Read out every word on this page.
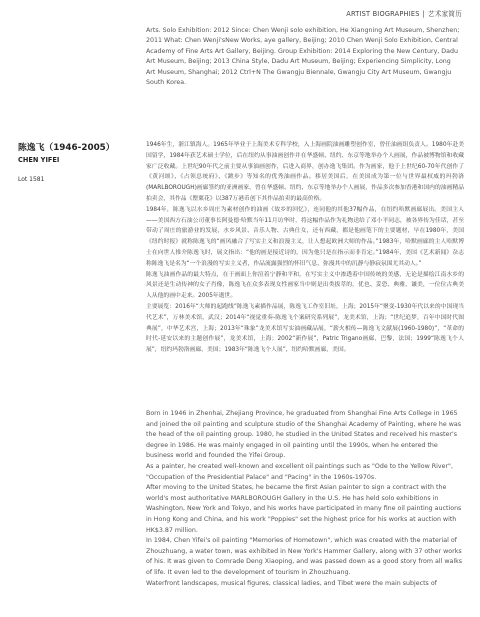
ARTIST BIOGRAPHIES | 艺术家简历
Arts. Solo Exhibition: 2012 Since: Chen Wenji solo exhibition, He Xiangning Art Museum, Shenzhen; 2011 What: Chen Wenji'sNew Works, aye gallery, Beijing; 2010 Chen Wenji Solo Exhibition, Central Academy of Fine Arts Art Gallery, Beijing. Group Exhibition: 2014 Exploring the New Century, Dadu Art Museum, Beijing; 2013 China Style, Dadu Art Museum, Beijing; Experiencing Simplicity, Long Art Museum, Shanghai; 2012 Ctrl+N The Gwangju Biennale, Gwangju City Art Museum, Gwangju South Korea.
陈逸飞（1946-2005）
CHEN YIFEI
Lot 1581

1946年生，浙江镇海人。1965年毕业于上海美术专科学校，入上海画院油画雕塑创作室，曾任油画组负责人。1980年赴美国留学，1984年获艺术硕士学位，后在纽约从事油画创作并在华盛顿、纽约、东京等地举办个人画展，作品被博物馆和收藏家广泛收藏。上世纪90年代之前主要从事油画创作，后进入商界，创办逸飞集团。作为画家，他于上世纪60-70年代创作了《黄河颂》、《占领总统府》、《踱步》等知名的优秀油画作品。移居美国后，在美国成为第一位与世界最权威的玛勃洛(MARLBOROUGH)画廊签约的亚洲画家，曾在华盛顿、纽约、东京等地举办个人画展，作品多次参加香港和国内的油画精品拍卖会，其作品《罂粟花》以387万港币创下其作品拍卖的最高价格。

1984年，陈逸飞以水乡周庄为素材创作的油画《故乡的回忆》，连同他的其他37幅作品，在纽约哈默画廊展出。美国主人——美国西方石油公司董事长阿曼德·哈默当年11月访华时，将这幅作品作为礼物送给了邓小平同志，被各界传为佳话，甚至带动了周庄的旅游业的发展，水乡风景、音乐人物、古典仕女，还有西藏，都是他画笔下的主要题材，早在1980年，美国《纽约时报》就称陈逸飞的“画风融合了写实主义和浪漫主义，让人想起欧洲大师的作品。”1983年，哈默画廊的主人哈默博士在向世人推介陈逸飞时，展文指出：“他的画是接近诗的，因为他只是在指示而非肯定。”1984年，美国《艺术新闻》杂志称陈逸飞是名为“一个浪漫的写实主义者，作品流露强烈的怀旧气息，弥漫其中的沉静与静寂氛围尤其动人。”

陈逸飞油画作品的最大特点，在于画面上你渲着宁静和平和，在写实主义中渗透着中国传统的美感，无论是描绘江南水乡的风景还是生动传神的女子肖像，陈逸飞在众多表现女性画家当中则是出类拔萃的，优也、妥恐、典雅、谦美，一位位古典美人从他的画中走来。2005年逝世。

主要展览：2016年“大师的起跑线”陈逸飞素描作品展，陈逸飞工作室旧址，上海；2015年“聚变-1930年代以来的中国现当代艺术”，万林美术馆，武汉；2014年“视觉重奏-陈逸飞个案研究系列展”，龙美术馆，上海；“世纪追梦，百年中国时代图典展”，中华艺术宫，上海；2013年“珠象”龙美术馆写实油画藏品展，“薪火相传—陈逸飞文献展(1960-1980)”，“革命的时代-延安以来的主题创作展”，龙美术馆，上海；2002“新作展”，Patric Trigano画廊，巴黎，法国；1999“陈逸飞个人展”，纽约玛勃洛画廊，美国；1983年“陈逸飞个人展”，纽约哈默画廊，美国。

Born in 1946 in Zhenhai, Zhejiang Province, he graduated from Shanghai Fine Arts College in 1965 and joined the oil painting and sculpture studio of the Shanghai Academy of Painting, where he was the head of the oil painting group. 1980, he studied in the United States and received his master's degree in 1986. He was mainly engaged in oil painting until the 1990s, when he entered the business world and founded the Yifei Group.

As a painter, he created well-known and excellent oil paintings such as "Ode to the Yellow River", "Occupation of the Presidential Palace" and "Pacing" in the 1960s-1970s.

After moving to the United States, he became the first Asian painter to sign a contract with the world's most authoritative MARLBOROUGH Gallery in the U.S. He has held solo exhibitions in Washington, New York and Tokyo, and his works have participated in many fine oil painting auctions in Hong Kong and China, and his work "Poppies" set the highest price for his works at auction with HK$3.87 million.

In 1984, Chen Yifei's oil painting "Memories of Hometown", which was created with the material of Zhouzhuang, a water town, was exhibited in New York's Hammer Gallery, along with 37 other works of his. It was given to Comrade Deng Xiaoping, and was passed down as a good story from all walks of life. It even led to the development of tourism in Zhouzhuang.

Waterfront landscapes, musical figures, classical ladies, and Tibet were the main subjects of
